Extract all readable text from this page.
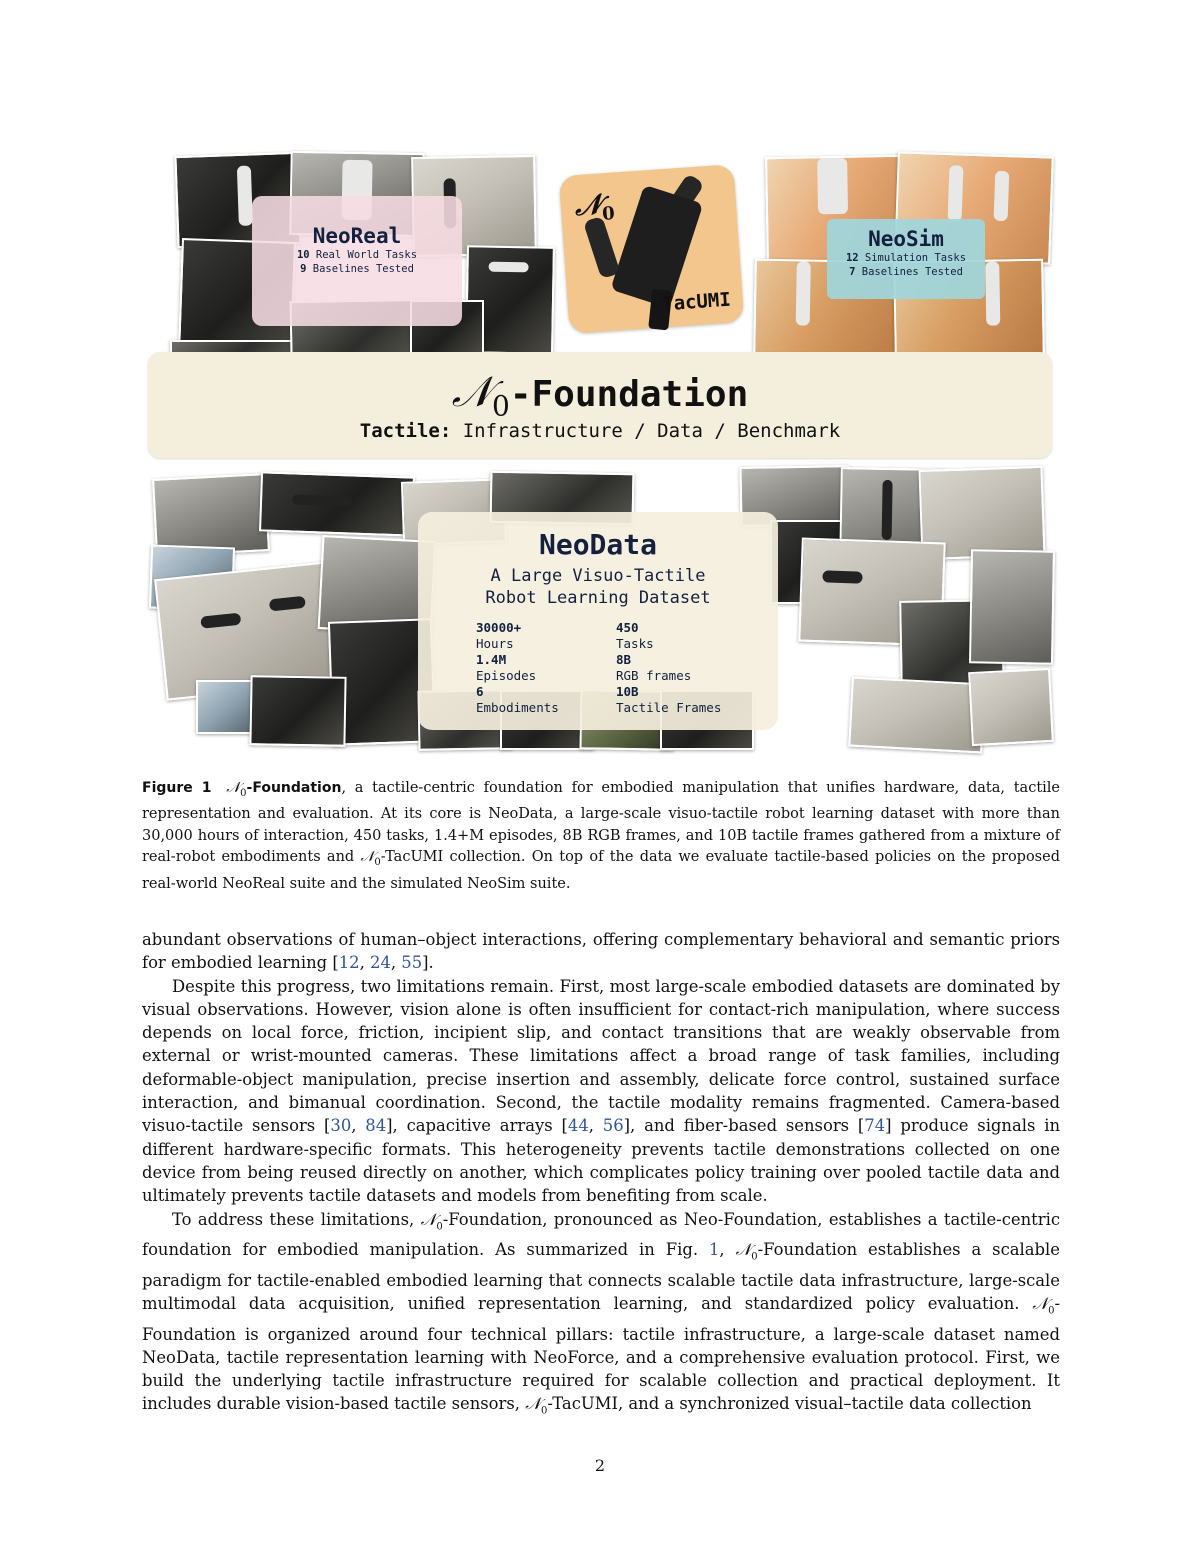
NeoReal
10 Real World Tasks
9 Baselines Tested
𝒩$_0$
TacUMI
NeoSim
12 Simulation Tasks
7 Baselines Tested
𝒩$_0$-Foundation
Tactile: Infrastructure / Data / Benchmark
NeoData
A Large Visuo-Tactile
Robot Learning Dataset
30000+
Hours
1.4M
Episodes
6
Embodiments
450
Tasks
8B
RGB frames
10B
Tactile Frames
Figure 1 𝒩$_0$-Foundation, a tactile-centric foundation for embodied manipulation that unifies hardware, data, tactile representation and evaluation. At its core is NeoData, a large-scale visuo-tactile robot learning dataset with more than 30,000 hours of interaction, 450 tasks, 1.4+M episodes, 8B RGB frames, and 10B tactile frames gathered from a mixture of real-robot embodiments and 𝒩$_0$-TacUMI collection. On top of the data we evaluate tactile-based policies on the proposed real-world NeoReal suite and the simulated NeoSim suite.

abundant observations of human–object interactions, offering complementary behavioral and semantic priors for embodied learning [12, 24, 55].

Despite this progress, two limitations remain. First, most large-scale embodied datasets are dominated by visual observations. However, vision alone is often insufficient for contact-rich manipulation, where success depends on local force, friction, incipient slip, and contact transitions that are weakly observable from external or wrist-mounted cameras. These limitations affect a broad range of task families, including deformable-object manipulation, precise insertion and assembly, delicate force control, sustained surface interaction, and bimanual coordination. Second, the tactile modality remains fragmented. Camera-based visuo-tactile sensors [30, 84], capacitive arrays [44, 56], and fiber-based sensors [74] produce signals in different hardware-specific formats. This heterogeneity prevents tactile demonstrations collected on one device from being reused directly on another, which complicates policy training over pooled tactile data and ultimately prevents tactile datasets and models from benefiting from scale.

To address these limitations, 𝒩$_0$-Foundation, pronounced as Neo-Foundation, establishes a tactile-centric foundation for embodied manipulation. As summarized in Fig. 1, 𝒩$_0$-Foundation establishes a scalable paradigm for tactile-enabled embodied learning that connects scalable tactile data infrastructure, large-scale multimodal data acquisition, unified representation learning, and standardized policy evaluation. 𝒩$_0$-Foundation is organized around four technical pillars: tactile infrastructure, a large-scale dataset named NeoData, tactile representation learning with NeoForce, and a comprehensive evaluation protocol. First, we build the underlying tactile infrastructure required for scalable collection and practical deployment. It includes durable vision-based tactile sensors, 𝒩$_0$-TacUMI, and a synchronized visual–tactile data collection

2
